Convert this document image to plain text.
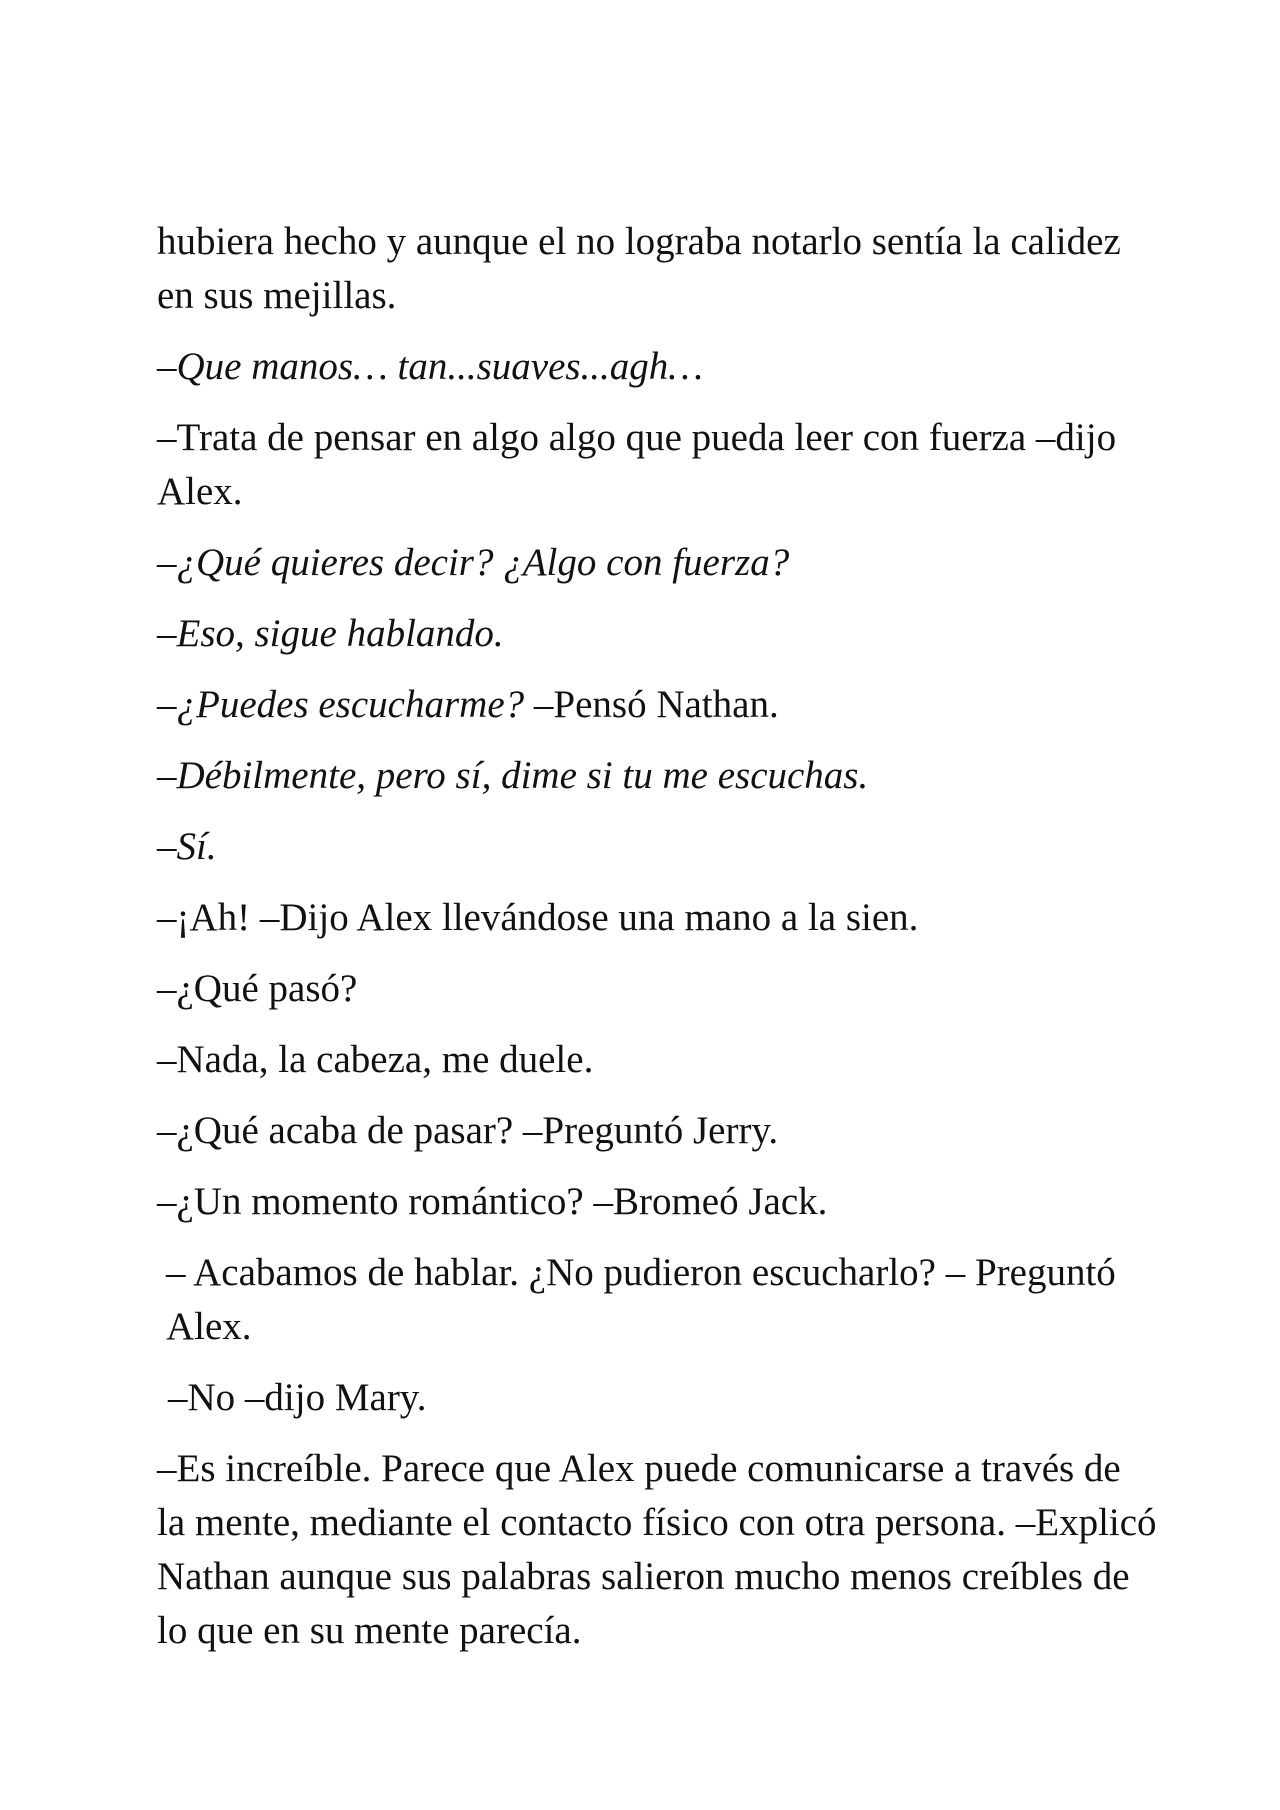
hubiera hecho y aunque el no lograba notarlo sentía la calidez en sus mejillas.

–Que manos… tan...suaves...agh…

–Trata de pensar en algo algo que pueda leer con fuerza –dijo Alex.

–¿Qué quieres decir? ¿Algo con fuerza?

–Eso, sigue hablando.

–¿Puedes escucharme? –Pensó Nathan.

–Débilmente, pero sí, dime si tu me escuchas.

–Sí.

–¡Ah! –Dijo Alex llevándose una mano a la sien.

–¿Qué pasó?

–Nada, la cabeza, me duele.

–¿Qué acaba de pasar? –Preguntó Jerry.

–¿Un momento romántico? –Bromeó Jack.

– Acabamos de hablar. ¿No pudieron escucharlo? – Preguntó Alex.

–No –dijo Mary.

–Es increíble. Parece que Alex puede comunicarse a través de la mente, mediante el contacto físico con otra persona. –Explicó Nathan aunque sus palabras salieron mucho menos creíbles de lo que en su mente parecía.
